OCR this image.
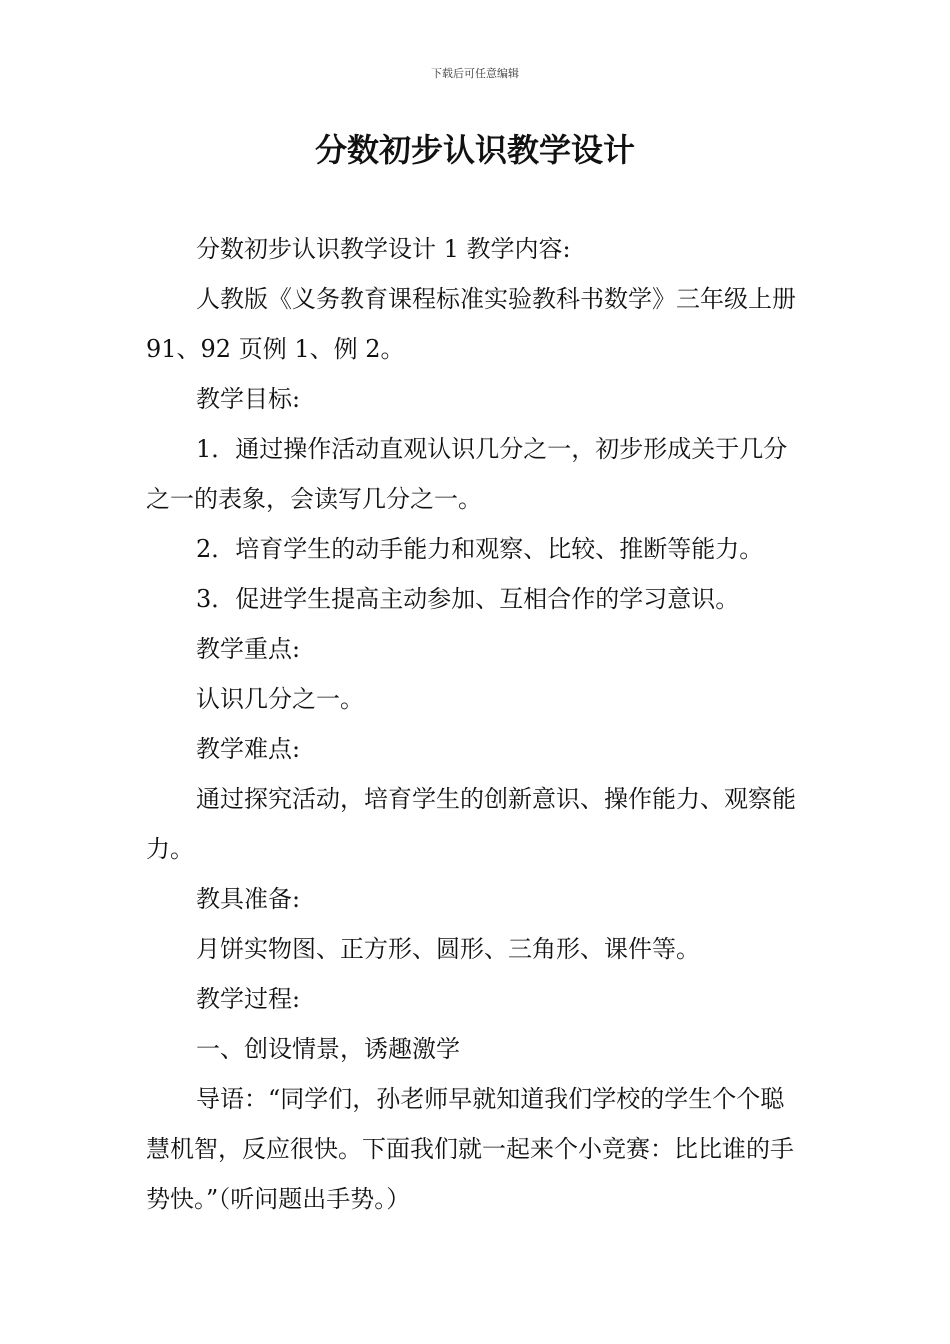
下载后可任意编辑
分数初步认识教学设计

分数初步认识教学设计 1 教学内容:

人教版《义务教育课程标准实验教科书数学》三年级上册 91、92 页例 1、例 2。

教学目标:

1．通过操作活动直观认识几分之一，初步形成关于几分之一的表象，会读写几分之一。

2．培育学生的动手能力和观察、比较、推断等能力。

3．促进学生提高主动参加、互相合作的学习意识。

教学重点:

认识几分之一。

教学难点:

通过探究活动，培育学生的创新意识、操作能力、观察能力。

教具准备:

月饼实物图、正方形、圆形、三角形、课件等。

教学过程:

一、创设情景，诱趣激学

导语：“同学们，孙老师早就知道我们学校的学生个个聪慧机智，反应很快。下面我们就一起来个小竞赛：比比谁的手势快。”（听问题出手势。）
